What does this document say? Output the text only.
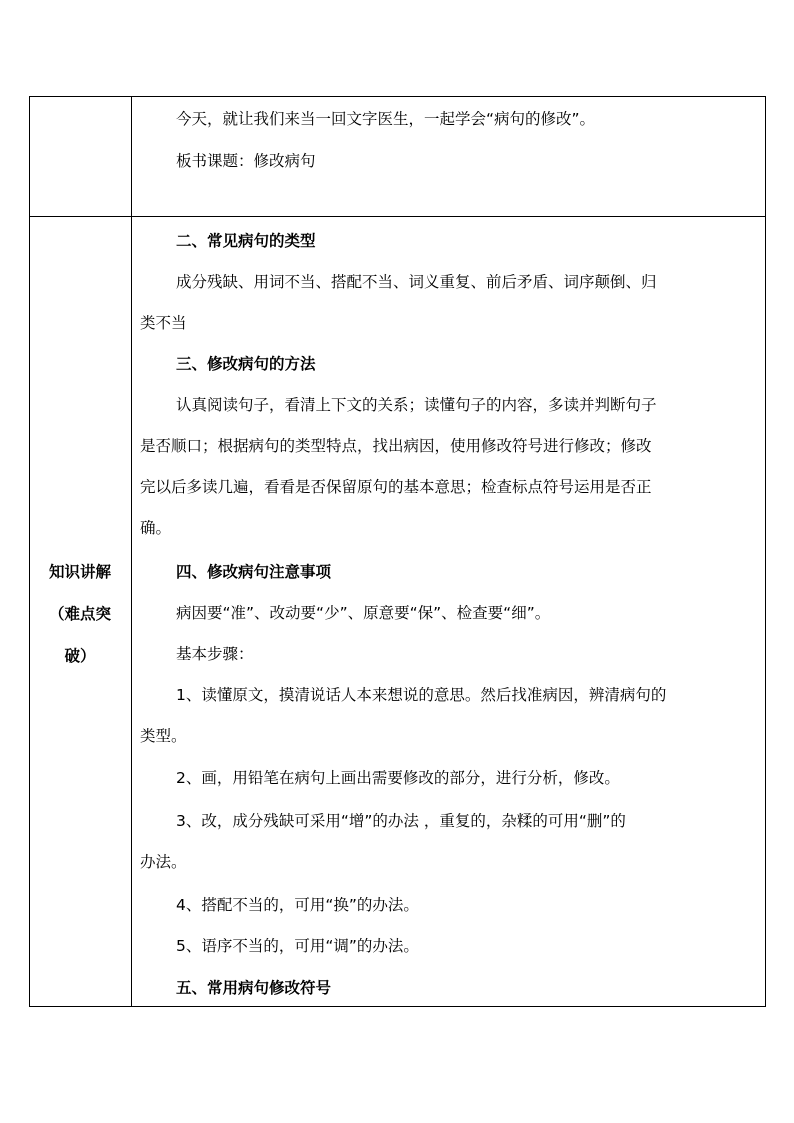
今天，就让我们来当一回文字医生，一起学会“病句的修改”。
板书课题：修改病句
知识讲解
（难点突
破）
二、常见病句的类型
成分残缺、用词不当、搭配不当、词义重复、前后矛盾、词序颠倒、归
类不当
三、修改病句的方法
认真阅读句子，看清上下文的关系；读懂句子的内容，多读并判断句子
是否顺口；根据病句的类型特点，找出病因，使用修改符号进行修改；修改
完以后多读几遍，看看是否保留原句的基本意思；检查标点符号运用是否正
确。
四、修改病句注意事项
病因要“准”、改动要“少”、原意要“保”、检查要“细”。
基本步骤：
1、读懂原文，摸清说话人本来想说的意思。然后找准病因，辨清病句的
类型。
2、画，用铅笔在病句上画出需要修改的部分，进行分析，修改。
3、改，成分残缺可采用“增”的办法 ，重复的，杂糅的可用“删”的
办法。
4、搭配不当的，可用“换”的办法。
5、语序不当的，可用“调”的办法。
五、常用病句修改符号
